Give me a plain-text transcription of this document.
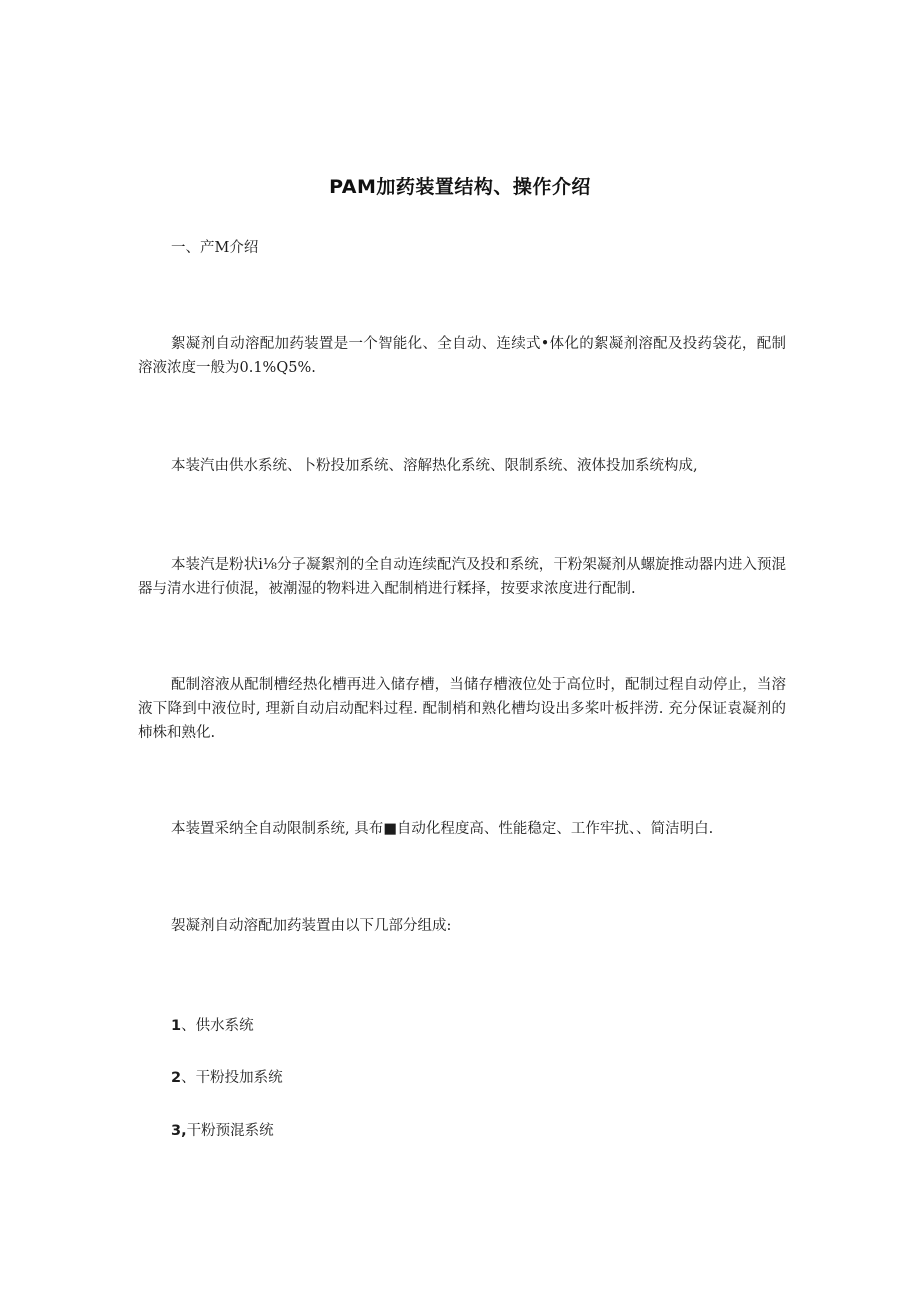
PAM加药装置结构、操作介绍
一、产M介绍
絮凝剂自动溶配加药装置是一个智能化、全自动、连续式•体化的絮凝剂溶配及投药袋花，配制溶液浓度一般为0.1%Q5%.
本装汽由供水系统、卜粉投加系统、溶解热化系统、限制系统、液体投加系统构成,
本装汽是粉状i⅛分子凝絮剂的全自动连续配汽及投和系统，干粉架凝剂从螺旋推动器内进入预混器与清水进行侦混，被潮湿的物料进入配制梢进行糅择，按要求浓度进行配制.
配制溶液从配制槽经热化槽再进入储存槽，当储存槽液位处于高位时，配制过程自动停止，当溶液下降到中液位时, 理新自动启动配料过程. 配制梢和熟化槽均设出多桨叶板拌涝. 充分保证袁凝剂的柿株和熟化.
本装置采纳全自动限制系统, 具布■自动化程度高、性能稳定、工作牢扰、、简洁明白.
袈凝剂自动溶配加药装置由以下几部分组成:
1、供水系统
2、干粉投加系统
3,干粉预混系统
